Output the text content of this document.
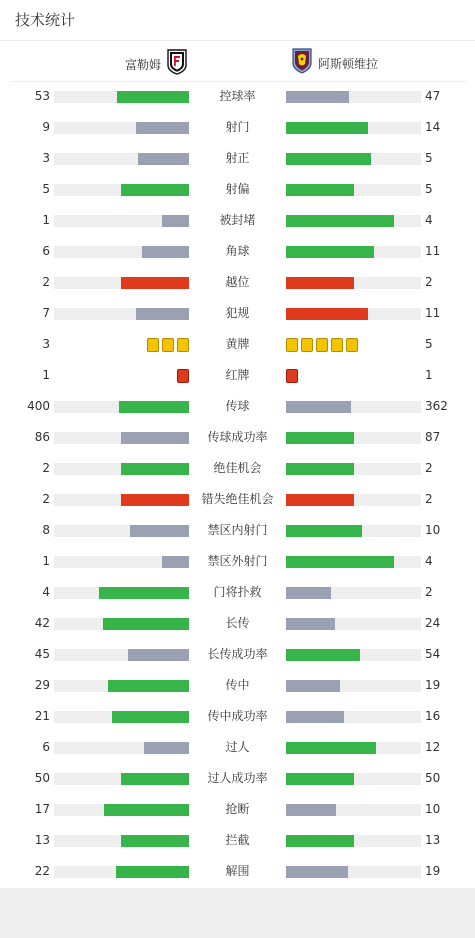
技术统计
富勒姆	阿斯顿维拉
53	控球率	47
9	射门	14
3	射正	5
5	射偏	5
1	被封堵	4
6	角球	11
2	越位	2
7	犯规	11
3	黄牌	5
1	红牌	1
400	传球	362
86	传球成功率	87
2	绝佳机会	2
2	错失绝佳机会	2
8	禁区内射门	10
1	禁区外射门	4
4	门将扑救	2
42	长传	24
45	长传成功率	54
29	传中	19
21	传中成功率	16
6	过人	12
50	过人成功率	50
17	抢断	10
13	拦截	13
22	解围	19
